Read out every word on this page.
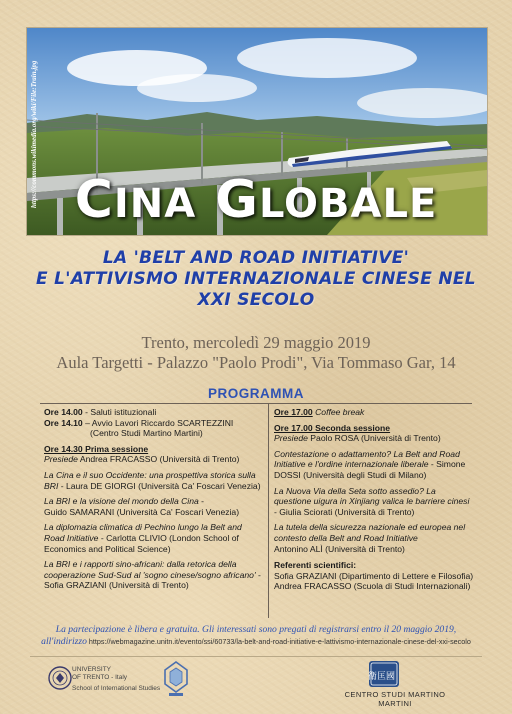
https://commons.wikimedia.org/wiki/File:Train.jpg CINA GLOBALE
LA 'BELT AND ROAD INITIATIVE'
E L'ATTIVISMO INTERNAZIONALE CINESE NEL
XXI SECOLO
Trento, mercoledì 29 maggio 2019
Aula Targetti - Palazzo "Paolo Prodi", Via Tommaso Gar, 14
PROGRAMMA
Ore 14.00 - Saluti istituzionali
Ore 14.10 – Avvio Lavori Riccardo SCARTEZZINI
(Centro Studi Martino Martini)
Ore 14.30 Prima sessione
Presiede Andrea FRACASSO (Università di Trento)
La Cina e il suo Occidente: una prospettiva storica sulla BRI - Laura DE GIORGI (Università Ca' Foscari Venezia)
La BRI e la visione del mondo della Cina -
Guido SAMARANI (Università Ca' Foscari Venezia)
La diplomazia climatica di Pechino lungo la Belt and Road Initiative - Carlotta CLIVIO (London School of Economics and Political Science)
La BRI e i rapporti sino-africani: dalla retorica della cooperazione Sud-Sud al 'sogno cinese/sogno africano' - Sofia GRAZIANI (Università di Trento)
Ore 17.00 Coffee break
Ore 17.00 Seconda sessione
Presiede Paolo ROSA (Università di Trento)
Contestazione o adattamento? La Belt and Road Initiative e l'ordine internazionale liberale - Simone DOSSI (Università degli Studi di Milano)
La Nuova Via della Seta sotto assedio? La questione uigura in Xinjiang valica le barriere cinesi - Giulia Sciorati (Università di Trento)
La tutela della sicurezza nazionale ed europea nel contesto della Belt and Road Initiative
Antonino ALÌ (Università di Trento)
Referenti scientifici:
Sofia GRAZIANI (Dipartimento di Lettere e Filosofia)
Andrea FRACASSO (Scuola di Studi Internazionali)
La partecipazione è libera e gratuita. Gli interessati sono pregati di registrarsi entro il 20 maggio 2019,
all'indirizzo https://webmagazine.unitn.it/evento/ssi/60733/la-belt-and-road-initiative-e-lattivismo-internazionale-cinese-del-xxi-secolo
UNIVERSITY
OF TRENTO - Italy
School of International Studies
衛匡國
CENTRO STUDI MARTINO MARTINI
